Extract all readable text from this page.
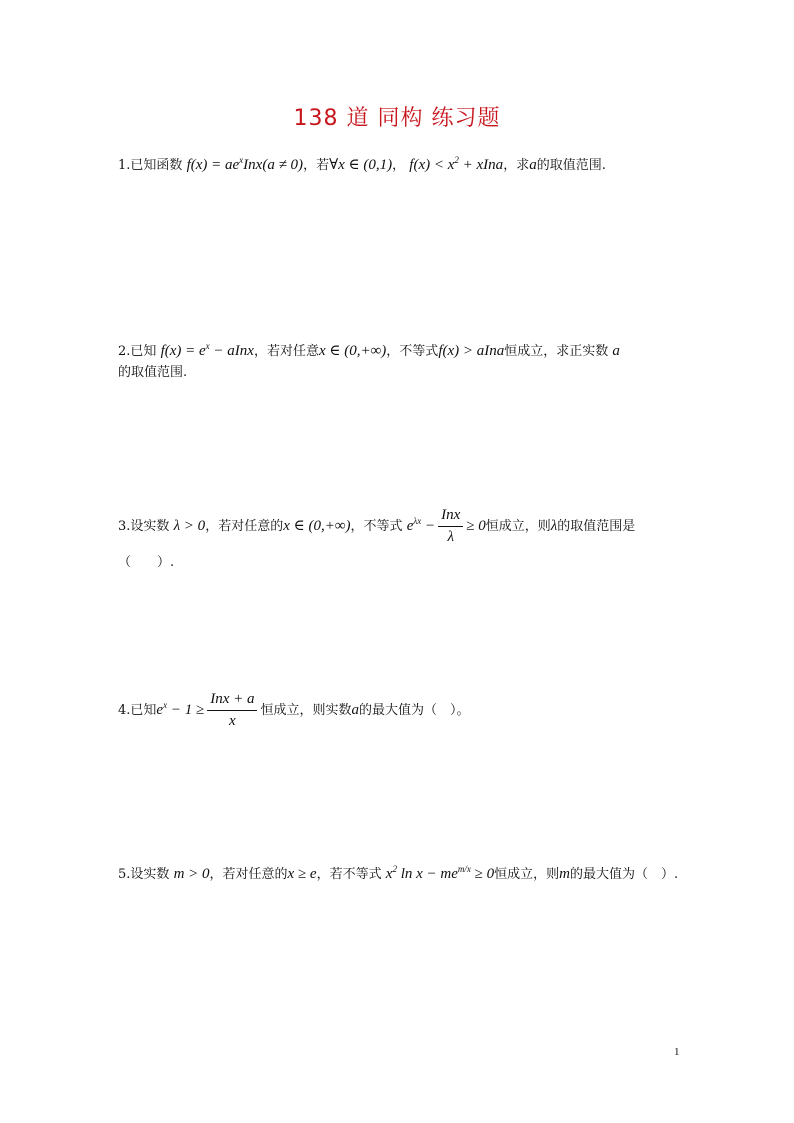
138 道 同构 练习题
1.已知函数 $f(x) = ae^xInx(a \ne 0)$，若∀x ∈ (0,1)， $f(x) < x^2$ + xIna，求a的取值范围.
2.已知 $f(x) = e^x$ − aInx，若对任意x ∈ (0,+∞)，不等式f(x) > aIna恒成立，求正实数 a
的取值范围.
3.设实数 λ > 0，若对任意的x ∈ (0,+∞)，不等式 $e^{\lambda x} - \frac{\text{Inx}}{\lambda} \ge 0$恒成立，则λ的取值范围是
（　　）.
4.已知$e^x - 1 \ge \frac{\text{Inx + a}}{x}$ 恒成立，则实数a的最大值为（　）。
5.设实数 m > 0，若对任意的x ≥ e，若不等式 $x^2$ $\ln x - me^{m/x} \ge 0$恒成立，则m的最大值为（　）.
1
